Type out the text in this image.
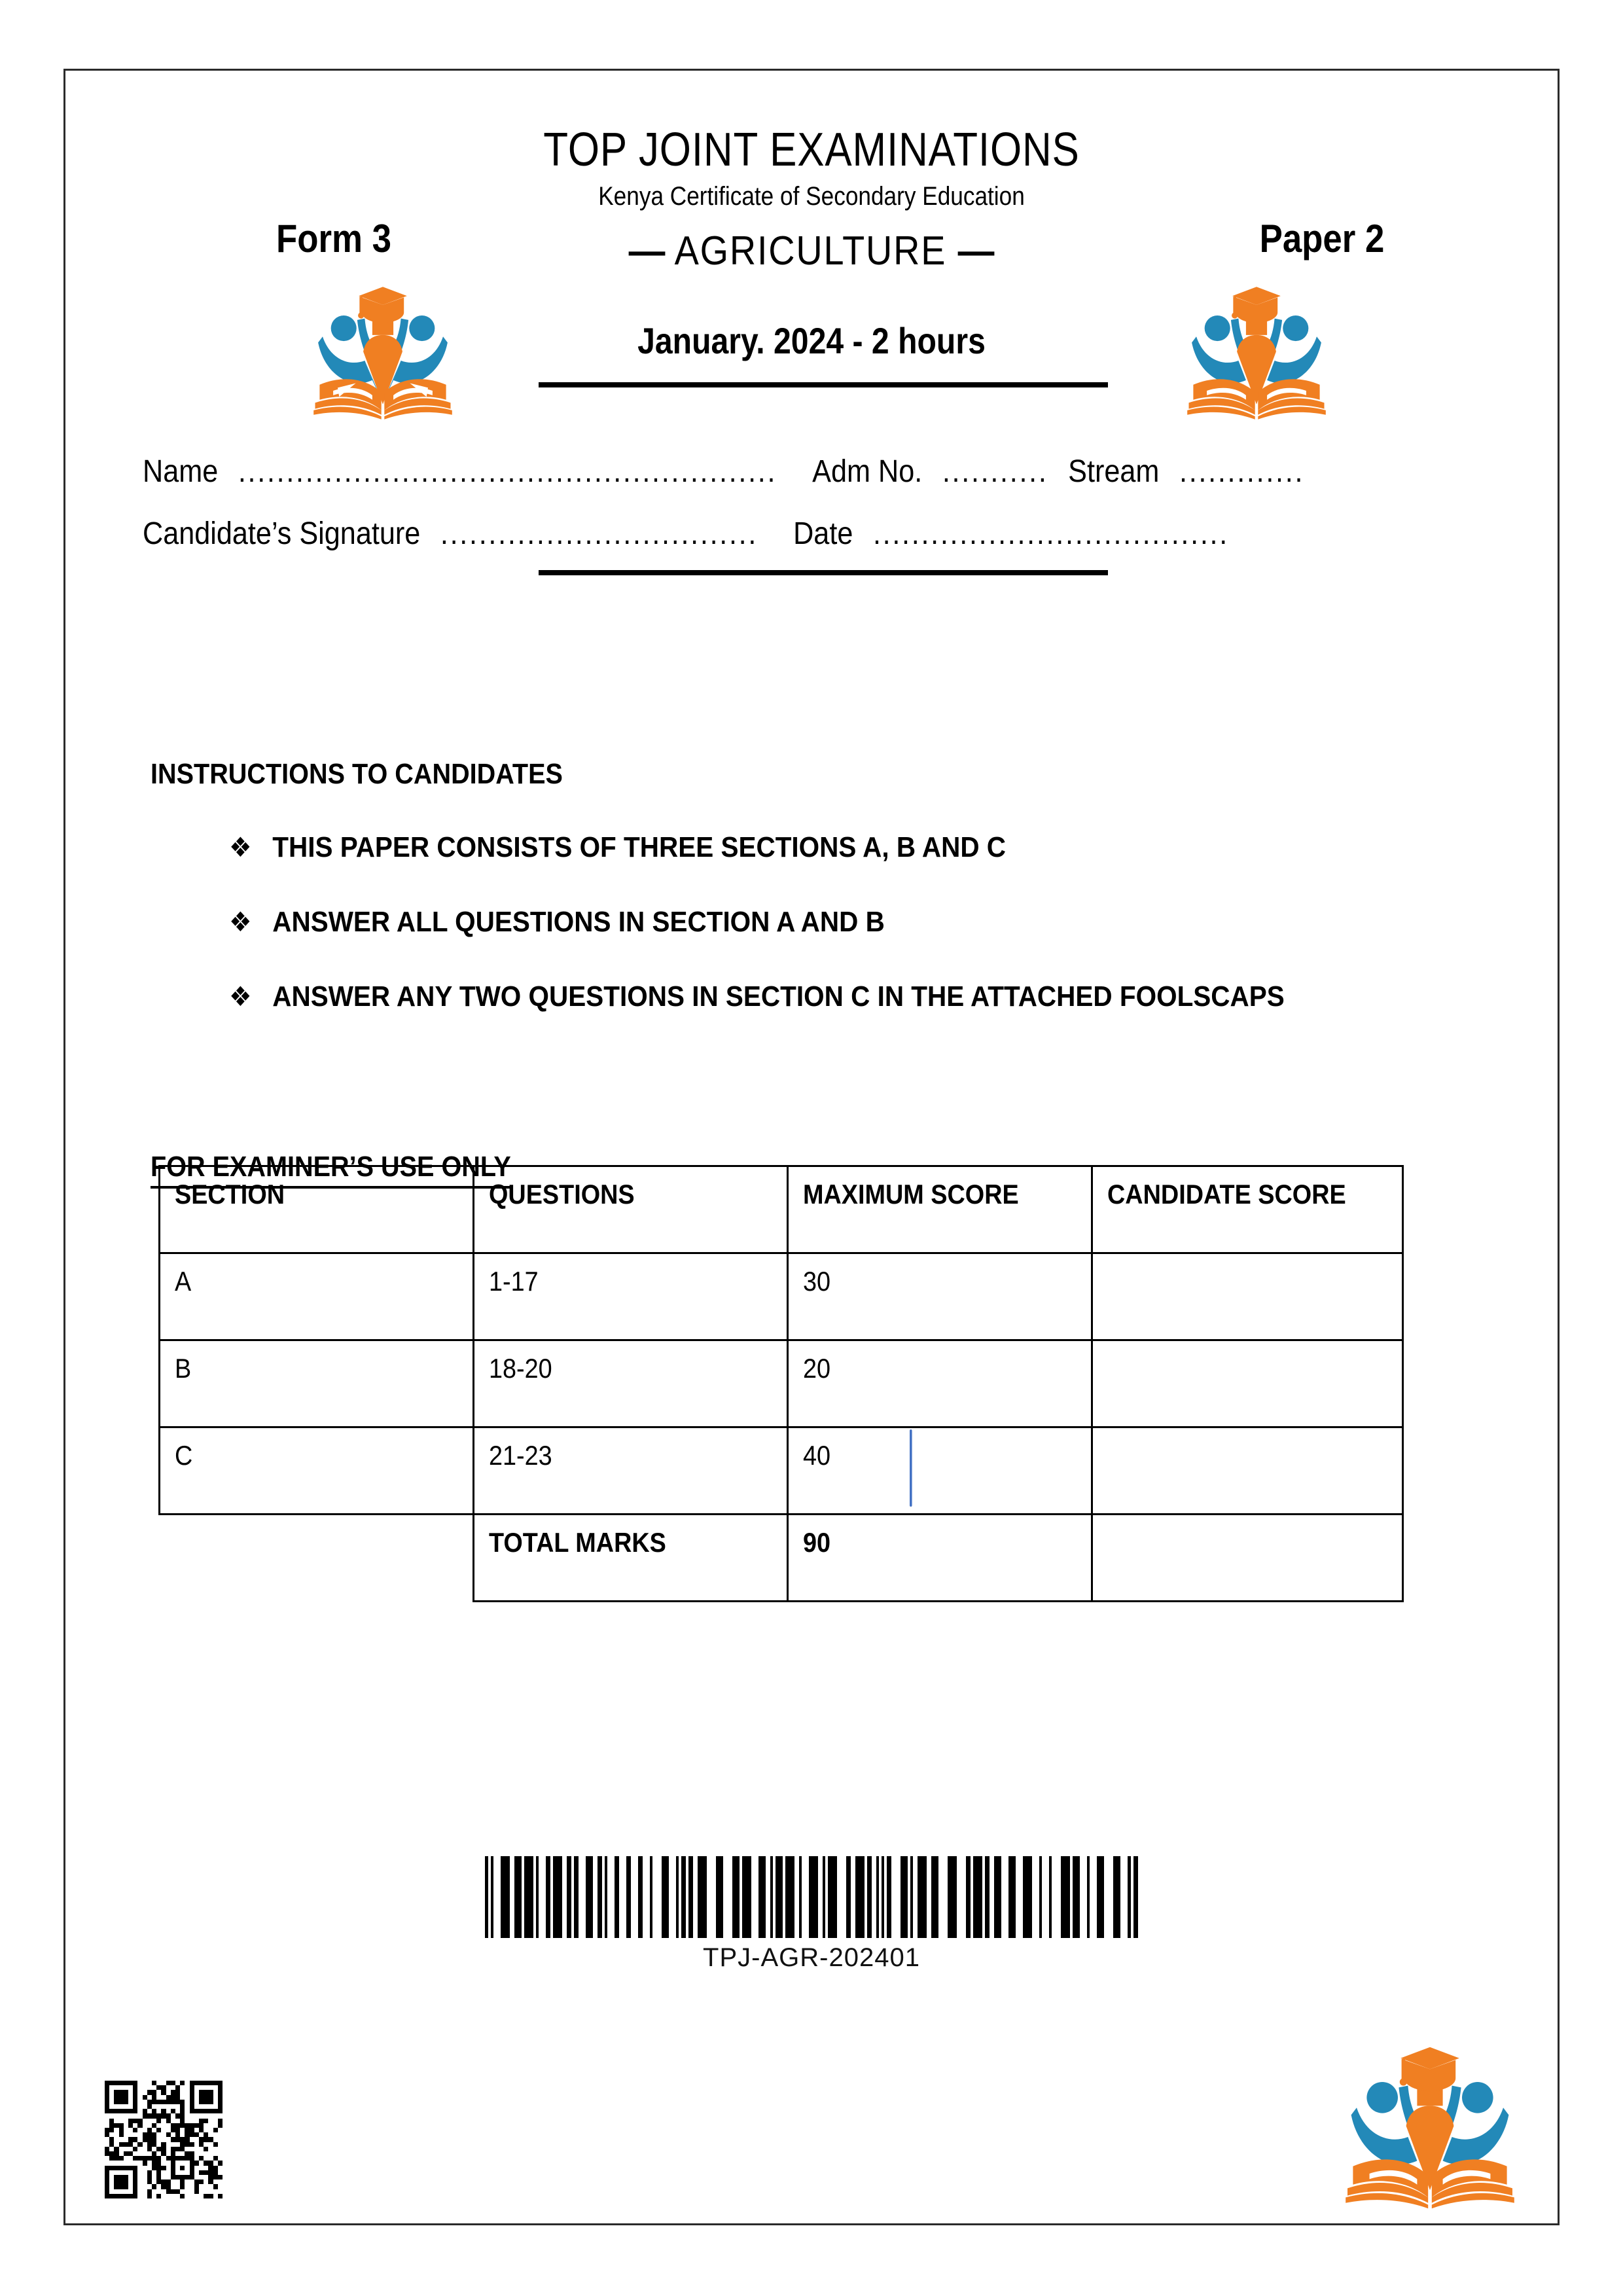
TOP JOINT EXAMINATIONS
Kenya Certificate of Secondary Education
Form 3	Paper 2
— AGRICULTURE —
January. 2024 - 2 hours
Name ........................................................ Adm No. ........... Stream .............
Candidate’s Signature ................................. Date .....................................
INSTRUCTIONS TO CANDIDATES
❖ THIS PAPER CONSISTS OF THREE SECTIONS A, B AND C
❖ ANSWER ALL QUESTIONS IN SECTION A AND B
❖ ANSWER ANY TWO QUESTIONS IN SECTION C IN THE ATTACHED FOOLSCAPS
FOR EXAMINER’S USE ONLY
SECTION	QUESTIONS	MAXIMUM SCORE	CANDIDATE SCORE
A	1-17	30	
B	18-20	20	
C	21-23	40

	TOTAL MARKS	90	
TPJ-AGR-202401
